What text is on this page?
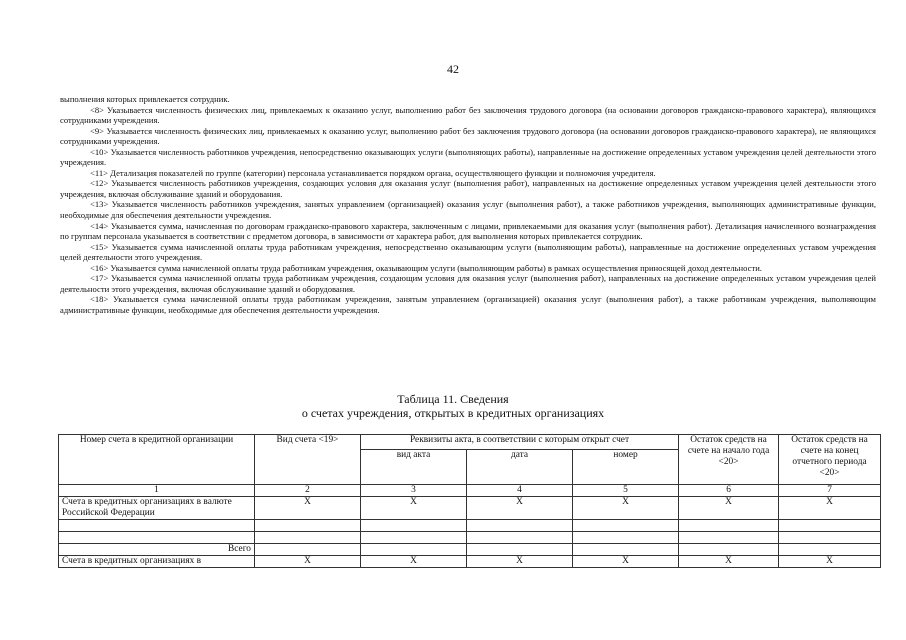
42

выполнения которых привлекается сотрудник.

<8> Указывается численность физических лиц, привлекаемых к оказанию услуг, выполнению работ без заключения трудового договора (на основании договоров гражданско-правового характера), являющихся сотрудниками учреждения.

<9> Указывается численность физических лиц, привлекаемых к оказанию услуг, выполнению работ без заключения трудового договора (на основании договоров гражданско-правового характера), не являющихся сотрудниками учреждения.

<10> Указывается численность работников учреждения, непосредственно оказывающих услуги (выполняющих работы), направленные на достижение определенных уставом учреждения целей деятельности этого учреждения.

<11> Детализация показателей по группе (категории) персонала устанавливается порядком органа, осуществляющего функции и полномочия учредителя.

<12> Указывается численность работников учреждения, создающих условия для оказания услуг (выполнения работ), направленных на достижение определенных уставом учреждения целей деятельности этого учреждения, включая обслуживание зданий и оборудования.

<13> Указывается численность работников учреждения, занятых управлением (организацией) оказания услуг (выполнения работ), а также работников учреждения, выполняющих административные функции, необходимые для обеспечения деятельности учреждения.

<14> Указывается сумма, начисленная по договорам гражданско-правового характера, заключенным с лицами, привлекаемыми для оказания услуг (выполнения работ). Детализация начисленного вознаграждения по группам персонала указывается в соответствии с предметом договора, в зависимости от характера работ, для выполнения которых привлекается сотрудник.

<15> Указывается сумма начисленной оплаты труда работникам учреждения, непосредственно оказывающим услуги (выполняющим работы), направленные на достижение определенных уставом учреждения целей деятельности этого учреждения.

<16> Указывается сумма начисленной оплаты труда работникам учреждения, оказывающим услуги (выполняющим работы) в рамках осуществления приносящей доход деятельности.

<17> Указывается сумма начисленной оплаты труда работникам учреждения, создающим условия для оказания услуг (выполнения работ), направленных на достижение определенных уставом учреждения целей деятельности этого учреждения, включая обслуживание зданий и оборудования.

<18> Указывается сумма начисленной оплаты труда работникам учреждения, занятым управлением (организацией) оказания услуг (выполнения работ), а также работникам учреждения, выполняющим административные функции, необходимые для обеспечения деятельности учреждения.

Таблица 11. Сведения
о счетах учреждения, открытых в кредитных организациях
Номер счета в кредитной организации	Вид счета <19>	Реквизиты акта, в соответствии с которым открыт счет			Остаток средств на счете на начало года <20>	Остаток средств на счете на конец отчетного периода <20>
		вид акта	дата	номер		
1	2	3	4	5	6	7
Счета в кредитных организациях в валюте Российской Федерации	X	X	X	X	X	X

Всего						
Счета в кредитных организациях в	X	X	X	X	X	X
